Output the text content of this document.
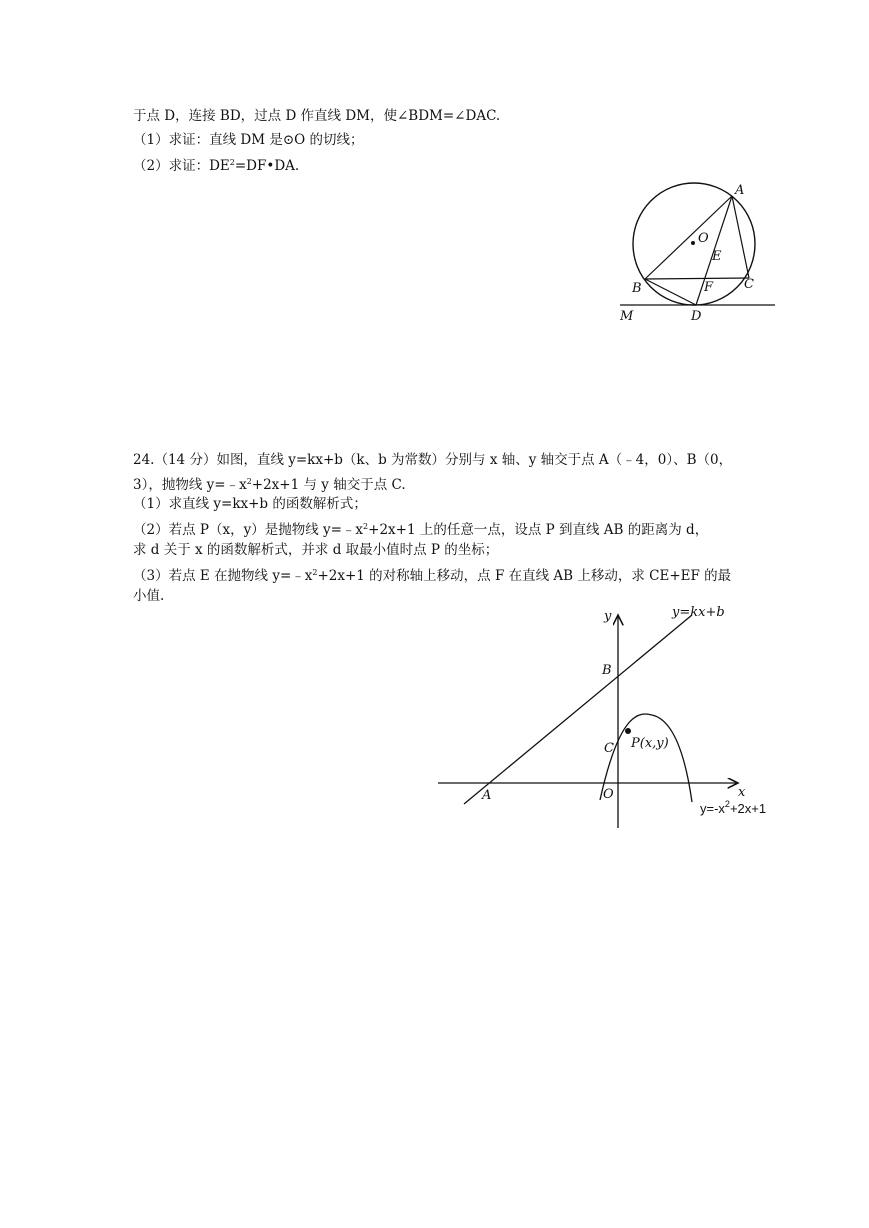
于点 D，连接 BD，过点 D 作直线 DM，使∠BDM=∠DAC.
（1）求证：直线 DM 是⊙O 的切线；
（2）求证：$DE^2=DF•DA$.
A
O
E
C
B	F
M	D
24.（14 分）如图，直线 y=kx+b（k、b 为常数）分别与 x 轴、y 轴交于点 A（﹣4，0）、B（0，
3），抛物线 $y=﹣x^2+2x+1$ 与 y 轴交于点 C.
（1）求直线 y=kx+b 的函数解析式；
（2）若点 P（x，y）是抛物线 $y=﹣x^2+2x+1$ 上的任意一点，设点 P 到直线 AB 的距离为 d，
求 d 关于 x 的函数解析式，并求 d 取最小值时点 P 的坐标；
（3）若点 E 在抛物线 $y=﹣x^2+2x+1$ 的对称轴上移动，点 F 在直线 AB 上移动，求 CE+EF 的最
小值.
y
x
y=kx+b
B
C P(x,y)
A	O
$y=-x^2+2x+1$
